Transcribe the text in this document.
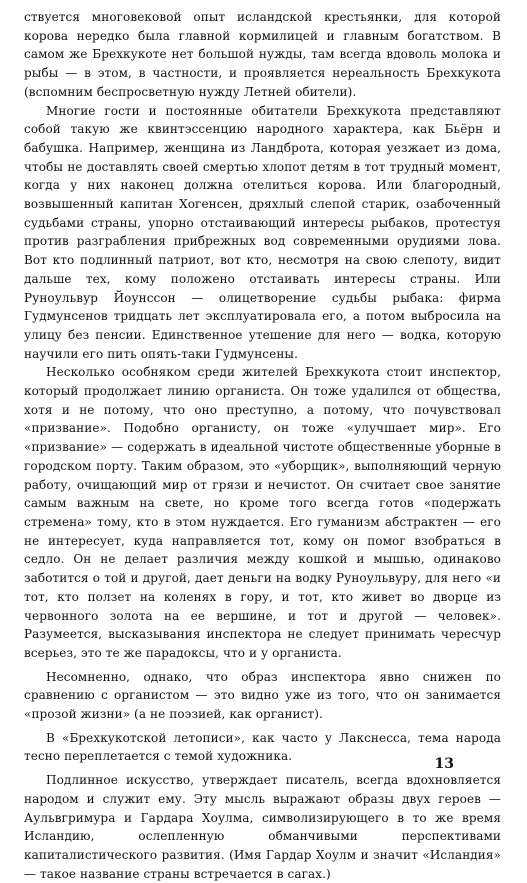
ствуется многовековой опыт исландской крестьянки, для которой корова нередко была главной кормилицей и главным богатством. В самом же Брехкукоте нет большой нужды, там всегда вдоволь молока и рыбы — в этом, в частности, и проявляется нереальность Брехкукота (вспомним беспросветную нужду Летней обители).

Многие гости и постоянные обитатели Брехкукота представляют собой такую же квинтэссенцию народного характера, как Бьёрн и бабушка. Например, женщина из Ландброта, которая уезжает из дома, чтобы не доставлять своей смертью хлопот детям в тот трудный момент, когда у них наконец должна отелиться корова. Или благородный, возвышенный капитан Хогенсен, дряхлый слепой старик, озабоченный судьбами страны, упорно отстаивающий интересы рыбаков, протестуя против разграбления прибрежных вод современными орудиями лова. Вот кто подлинный патриот, вот кто, несмотря на свою слепоту, видит дальше тех, кому положено отстаивать интересы страны. Или Руноульвур Йоунссон — олицетворение судьбы рыбака: фирма Гудмунсенов тридцать лет эксплуатировала его, а потом выбросила на улицу без пенсии. Единственное утешение для него — водка, которую научили его пить опять-таки Гудмунсены.

Несколько особняком среди жителей Брехкукота стоит инспектор, который продолжает линию органиста. Он тоже удалился от общества, хотя и не потому, что оно преступно, а потому, что почувствовал «призвание». Подобно органисту, он тоже «улучшает мир». Его «призвание» — содержать в идеальной чистоте общественные уборные в городском порту. Таким образом, это «уборщик», выполняющий черную работу, очищающий мир от грязи и нечистот. Он считает свое занятие самым важным на свете, но кроме того всегда готов «подержать стремена» тому, кто в этом нуждается. Его гуманизм абстрактен — его не интересует, куда направляется тот, кому он помог взобраться в седло. Он не делает различия между кошкой и мышью, одинаково заботится о той и другой, дает деньги на водку Руноульвуру, для него «и тот, кто ползет на коленях в гору, и тот, кто живет во дворце из червонного золота на ее вершине, и тот и другой — человек». Разумеется, высказывания инспектора не следует принимать чересчур всерьез, это те же парадоксы, что и у органиста.

Несомненно, однако, что образ инспектора явно снижен по сравнению с органистом — это видно уже из того, что он занимается «прозой жизни» (а не поэзией, как органист).

В «Брехкукотской летописи», как часто у Лакснесса, тема народа тесно переплетается с темой художника.

Подлинное искусство, утверждает писатель, всегда вдохновляется народом и служит ему. Эту мысль выражают образы двух героев — Аульвгримура и Гардара Хоулма, символизирующего в то же время Исландию, ослепленную обманчивыми перспективами капиталистического развития. (Имя Гардар Хоулм и значит «Исландия» — такое название страны встречается в сагах.)

13
